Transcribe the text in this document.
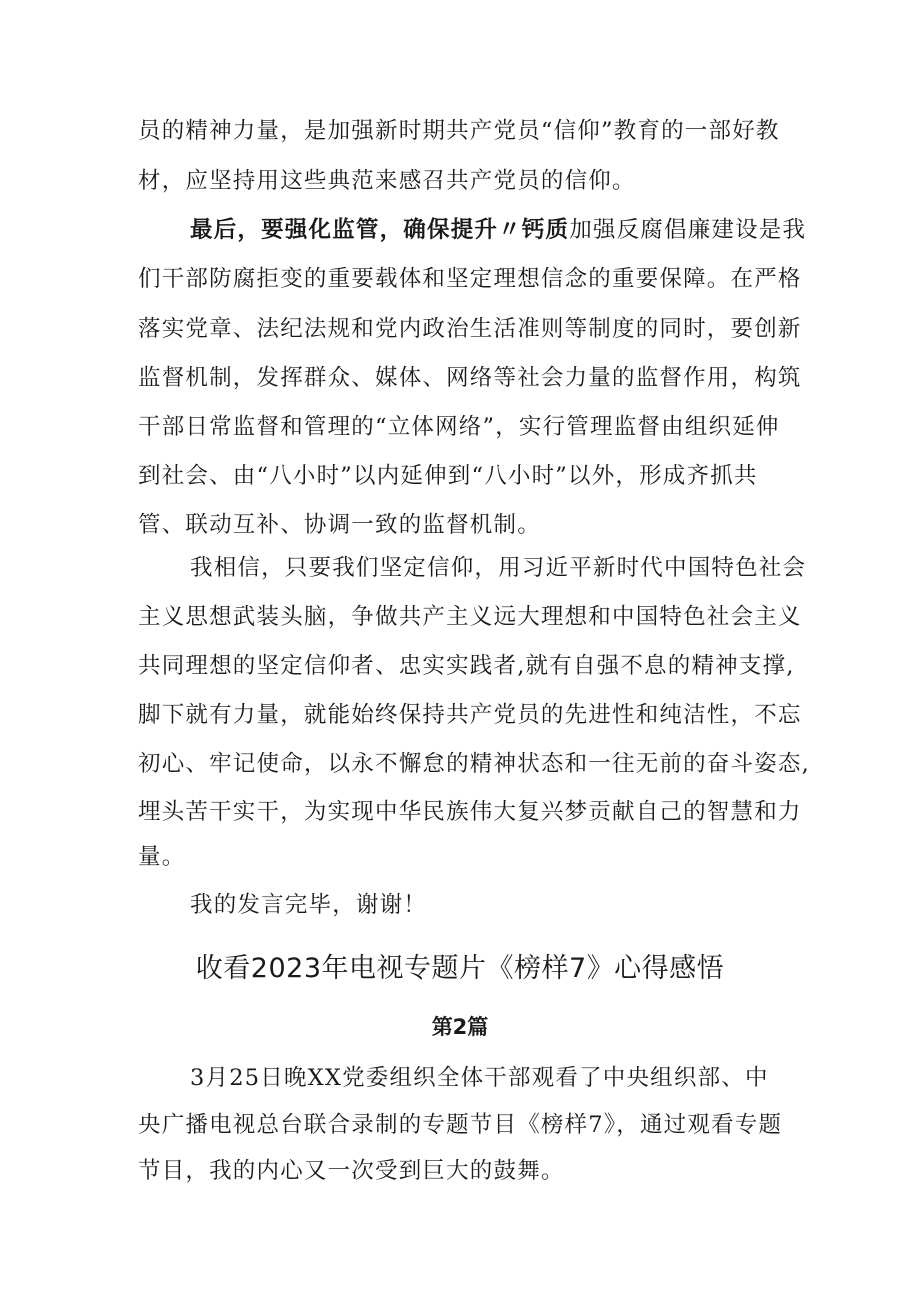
员的精神力量，是加强新时期共产党员“信仰”教育的一部好教
材，应坚持用这些典范来感召共产党员的信仰。
最后，要强化监管，确保提升〃钙质加强反腐倡廉建设是我
们干部防腐拒变的重要载体和坚定理想信念的重要保障。在严格
落实党章、法纪法规和党内政治生活准则等制度的同时，要创新
监督机制，发挥群众、媒体、网络等社会力量的监督作用，构筑
干部日常监督和管理的“立体网络”，实行管理监督由组织延伸
到社会、由“八小时”以内延伸到“八小时”以外，形成齐抓共
管、联动互补、协调一致的监督机制。
我相信，只要我们坚定信仰，用习近平新时代中国特色社会
主义思想武装头脑，争做共产主义远大理想和中国特色社会主义
共同理想的坚定信仰者、忠实实践者,就有自强不息的精神支撑,
脚下就有力量，就能始终保持共产党员的先进性和纯洁性，不忘
初心、牢记使命，以永不懈怠的精神状态和一往无前的奋斗姿态,
埋头苦干实干，为实现中华民族伟大复兴梦贡献自己的智慧和力
量。
我的发言完毕，谢谢！
收看2023年电视专题片《榜样7》心得感悟
第2篇
3月25日晚XX党委组织全体干部观看了中央组织部、中
央广播电视总台联合录制的专题节目《榜样7》，通过观看专题
节目，我的内心又一次受到巨大的鼓舞。
